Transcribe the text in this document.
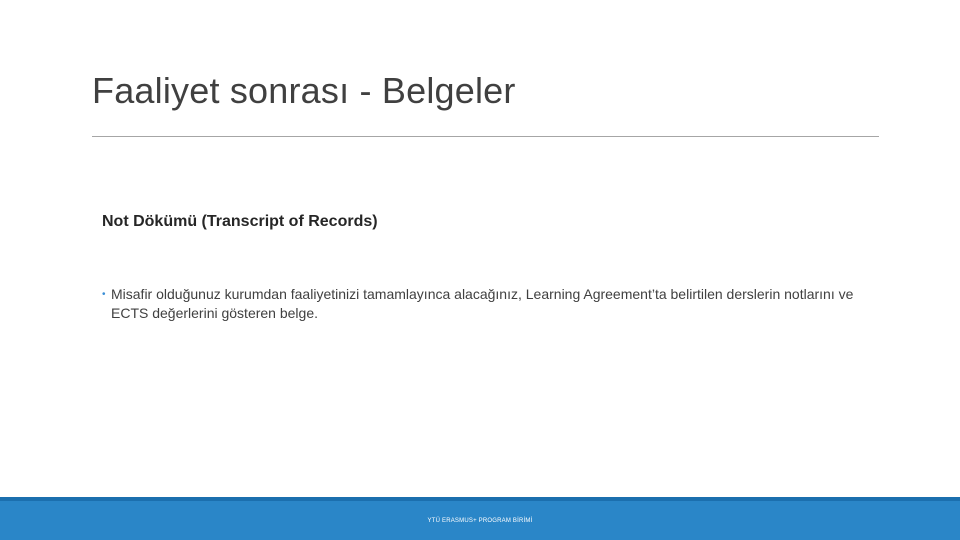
Faaliyet sonrası - Belgeler
Not Dökümü (Transcript of Records)
• Misafir olduğunuz kurumdan faaliyetinizi tamamlayınca alacağınız, Learning Agreement’ta belirtilen derslerin notlarını ve ECTS değerlerini gösteren belge.
YTÜ ERASMUS+ PROGRAM BİRİMİ
